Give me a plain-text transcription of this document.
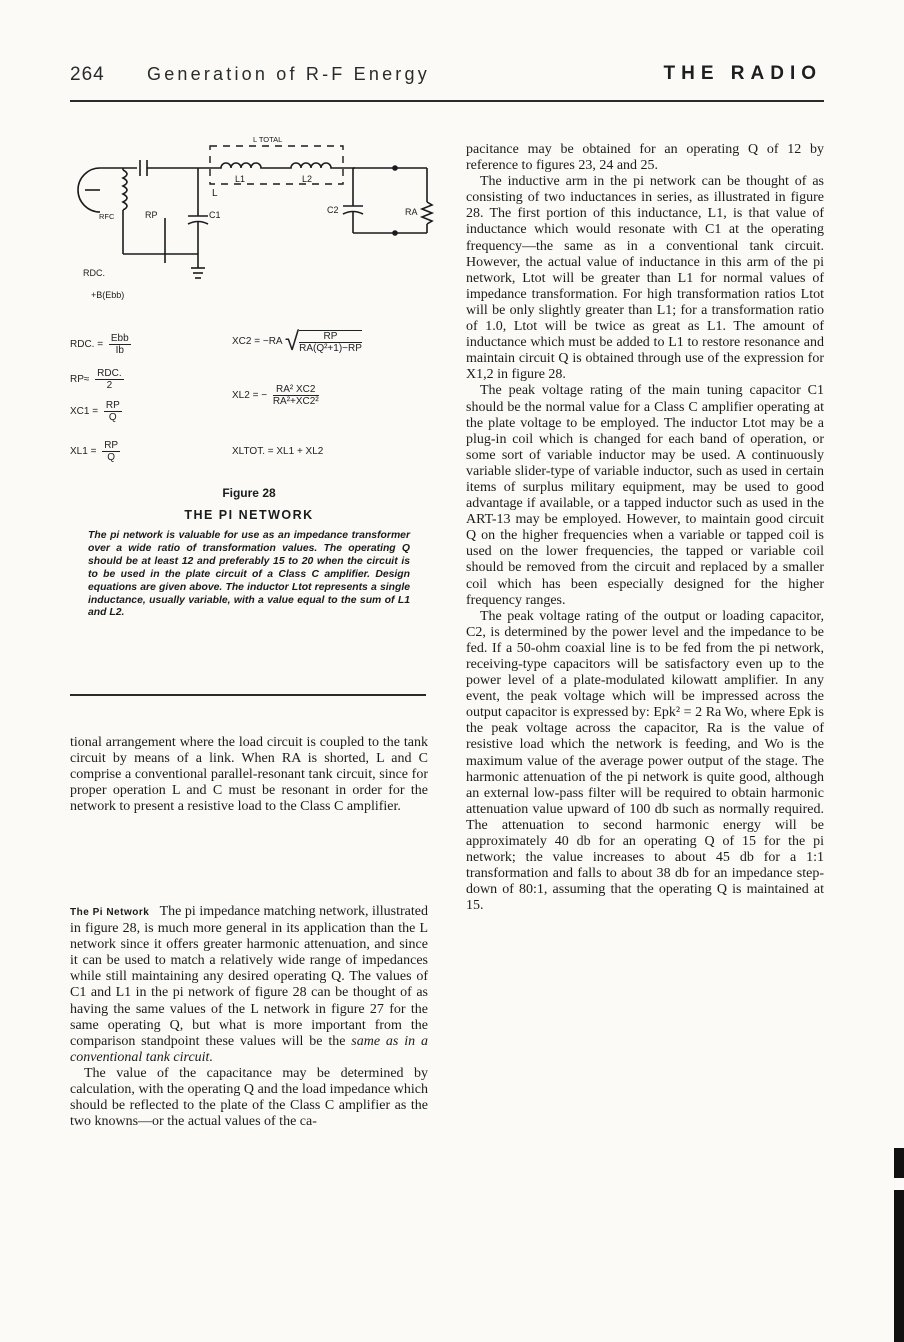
264 Generation of R-F Energy	THE RADIO
L TOTAL
L1	L2
L
RFC	RP	C1	C2	RA
RDC.
+B(Ebb)
RDC. = $\frac{\text{Ebb}}{Ib}$
$RP\approx \frac{\text{RDC.}}{2}$
$XC1 = \frac{RP}{Q}$
$XL1 = \frac{RP}{Q}$
XC2 = −RA √ $\frac{RP}{\text{RA(Q²+1)−RP}}$
XL2 = − $\frac{\text{RA² XC2}}{\text{RA²+XC2²}}$
XLTOT. = XL1 + XL2
Figure 28
THE PI NETWORK

The pi network is valuable for use as an impedance transformer over a wide ratio of transformation values. The operating Q should be at least 12 and preferably 15 to 20 when the circuit is to be used in the plate circuit of a Class C amplifier. Design equations are given above. The inductor Ltot represents a single inductance, usually variable, with a value equal to the sum of L1 and L2.

tional arrangement where the load circuit is coupled to the tank circuit by means of a link. When RA is shorted, L and C comprise a conventional parallel-resonant tank circuit, since for proper operation L and C must be resonant in order for the network to present a resistive load to the Class C amplifier.

The Pi Network The pi impedance matching network, illustrated in figure 28, is much more general in its application than the L network since it offers greater harmonic attenuation, and since it can be used to match a relatively wide range of impedances while still maintaining any desired operating Q. The values of C1 and L1 in the pi network of figure 28 can be thought of as having the same values of the L network in figure 27 for the same operating Q, but what is more important from the comparison standpoint these values will be the same as in a conventional tank circuit.

The value of the capacitance may be determined by calculation, with the operating Q and the load impedance which should be reflected to the plate of the Class C amplifier as the two knowns—or the actual values of the ca-

pacitance may be obtained for an operating Q of 12 by reference to figures 23, 24 and 25.

The inductive arm in the pi network can be thought of as consisting of two inductances in series, as illustrated in figure 28. The first portion of this inductance, L1, is that value of inductance which would resonate with C1 at the operating frequency—the same as in a conventional tank circuit. However, the actual value of inductance in this arm of the pi network, Ltot will be greater than L1 for normal values of impedance transformation. For high transformation ratios Ltot will be only slightly greater than L1; for a transformation ratio of 1.0, Ltot will be twice as great as L1. The amount of inductance which must be added to L1 to restore resonance and maintain circuit Q is obtained through use of the expression for X1,2 in figure 28.

The peak voltage rating of the main tuning capacitor C1 should be the normal value for a Class C amplifier operating at the plate voltage to be employed. The inductor Ltot may be a plug-in coil which is changed for each band of operation, or some sort of variable inductor may be used. A continuously variable slider-type of variable inductor, such as used in certain items of surplus military equipment, may be used to good advantage if available, or a tapped inductor such as used in the ART-13 may be employed. However, to maintain good circuit Q on the higher frequencies when a variable or tapped coil is used on the lower frequencies, the tapped or variable coil should be removed from the circuit and replaced by a smaller coil which has been especially designed for the higher frequency ranges.

The peak voltage rating of the output or loading capacitor, C2, is determined by the power level and the impedance to be fed. If a 50-ohm coaxial line is to be fed from the pi network, receiving-type capacitors will be satisfactory even up to the power level of a plate-modulated kilowatt amplifier. In any event, the peak voltage which will be impressed across the output capacitor is expressed by: Epk² = 2 Ra Wo, where Epk is the peak voltage across the capacitor, Ra is the value of resistive load which the network is feeding, and Wo is the maximum value of the average power output of the stage. The harmonic attenuation of the pi network is quite good, although an external low-pass filter will be required to obtain harmonic attenuation value upward of 100 db such as normally required. The attenuation to second harmonic energy will be approximately 40 db for an operating Q of 15 for the pi network; the value increases to about 45 db for a 1:1 transformation and falls to about 38 db for an impedance step-down of 80:1, assuming that the operating Q is maintained at 15.
